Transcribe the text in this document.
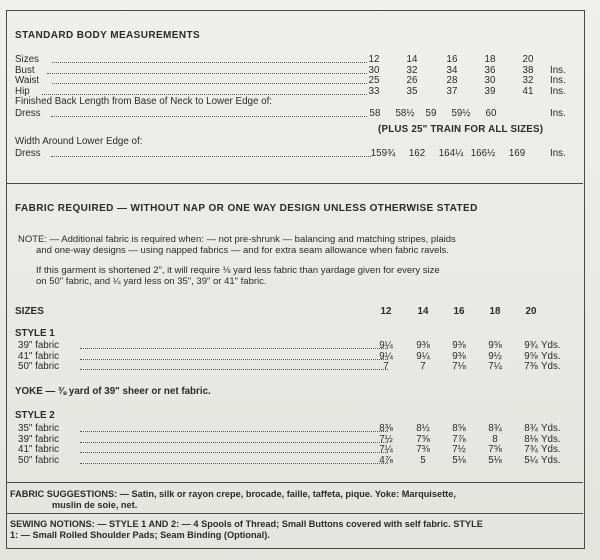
STANDARD BODY MEASUREMENTS
Sizes	12	14	16	18	20
Bust	30	32	34	36	38	Ins.
Waist	25	26	28	30	32	Ins.
Hip	33	35	37	39	41	Ins.
Finished Back Length from Base of Neck to Lower Edge of:
Dress	58	58½	59	59½	60	Ins.
(PLUS 25" TRAIN FOR ALL SIZES)
Width Around Lower Edge of:
Dress	159¾	162	164¼ 166½	169	Ins.
FABRIC REQUIRED — WITHOUT NAP OR ONE WAY DESIGN UNLESS OTHERWISE STATED
NOTE: — Additional fabric is required when: — not pre-shrunk — balancing and matching stripes, plaids
and one-way designs — using napped fabrics — and for extra seam allowance when fabric ravels.
If this garment is shortened 2", it will require ⅛ yard less fabric than yardage given for every size
on 50" fabric, and ¼ yard less on 35", 39" or 41" fabric.
SIZES	12	14	16	18	20
STYLE 1
39" fabric	9¼	9⅜	9⅜	9⅝	9¾ Yds.
41" fabric	9¼	9¼	9⅜	9½	9⅝ Yds.
50" fabric	7	7	7⅛	7¼	7⅜ Yds.
YOKE — ⅜ yard of 39" sheer or net fabric.
STYLE 2
35" fabric	8⅜	8½	8⅝	8¾	8¾ Yds.
39" fabric	7½	7⅝	7⅞	8	8⅛ Yds.
41" fabric	7¼	7⅜	7½	7⅝	7¾ Yds.
50" fabric	4⅞	5	5⅛	5⅛	5¼ Yds.
FABRIC SUGGESTIONS: — Satin, silk or rayon crepe, brocade, faille, taffeta, pique. Yoke: Marquisette,
muslin de soie, net.
SEWING NOTIONS: — STYLE 1 AND 2: — 4 Spools of Thread; Small Buttons covered with self fabric. STYLE
1: — Small Rolled Shoulder Pads; Seam Binding (Optional).
